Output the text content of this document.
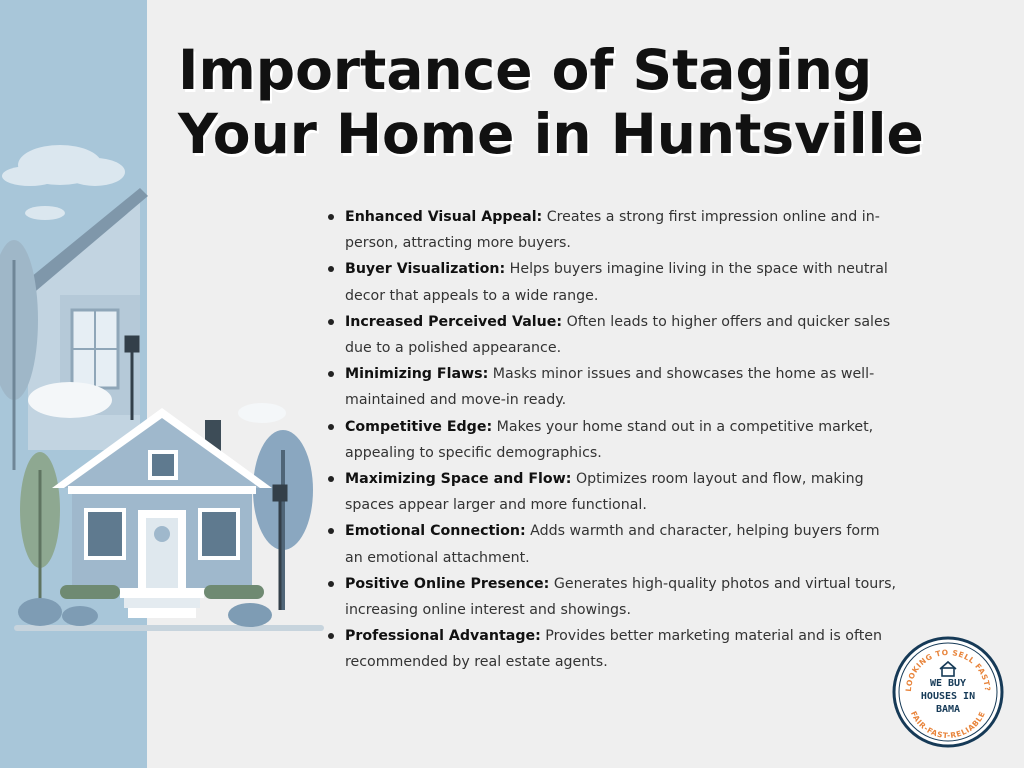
Importance of Staging
Your Home in Huntsville
Enhanced Visual Appeal: Creates a strong first impression online and in-person, attracting more buyers.
Buyer Visualization: Helps buyers imagine living in the space with neutral decor that appeals to a wide range.
Increased Perceived Value: Often leads to higher offers and quicker sales due to a polished appearance.
Minimizing Flaws: Masks minor issues and showcases the home as well-maintained and move-in ready.
Competitive Edge: Makes your home stand out in a competitive market, appealing to specific demographics.
Maximizing Space and Flow: Optimizes room layout and flow, making spaces appear larger and more functional.
Emotional Connection: Adds warmth and character, helping buyers form an emotional attachment.
Positive Online Presence: Generates high-quality photos and virtual tours, increasing online interest and showings.
Professional Advantage: Provides better marketing material and is often recommended by real estate agents.
LOOKING TO SELL FAST?
WE BUY
HOUSES IN
BAMA
FAIR-FAST-RELIABLE
